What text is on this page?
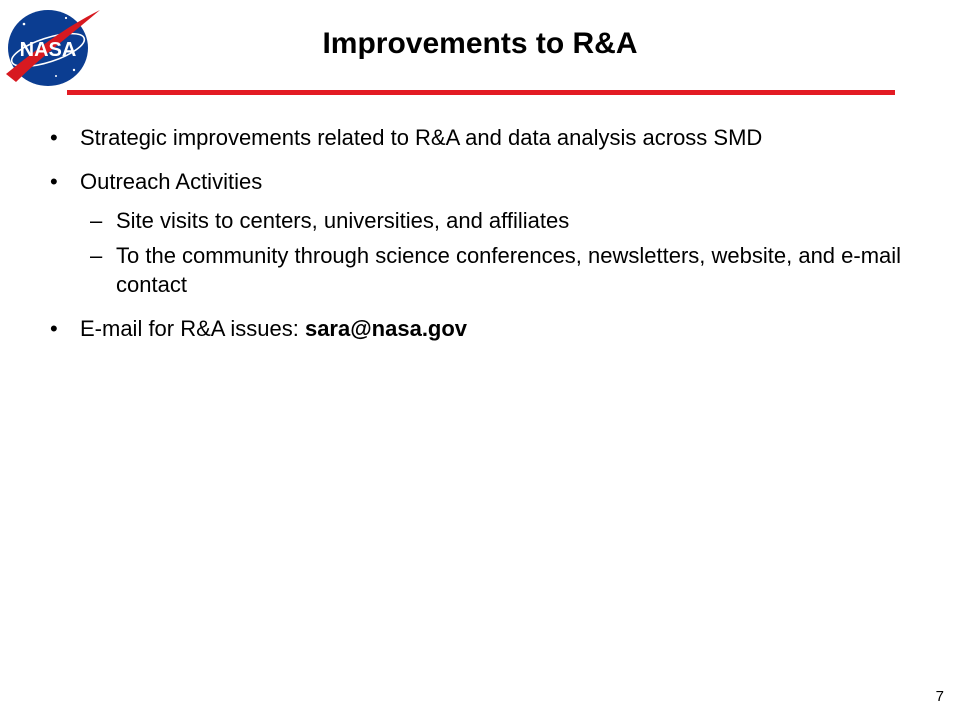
NASA	Improvements to R&A
• Strategic improvements related to R&A and data analysis across SMD
• Outreach Activities
– Site visits to centers, universities, and affiliates
– To the community through science conferences, newsletters, website, and e-mail contact
• E-mail for R&A issues: sara@nasa.gov
7
